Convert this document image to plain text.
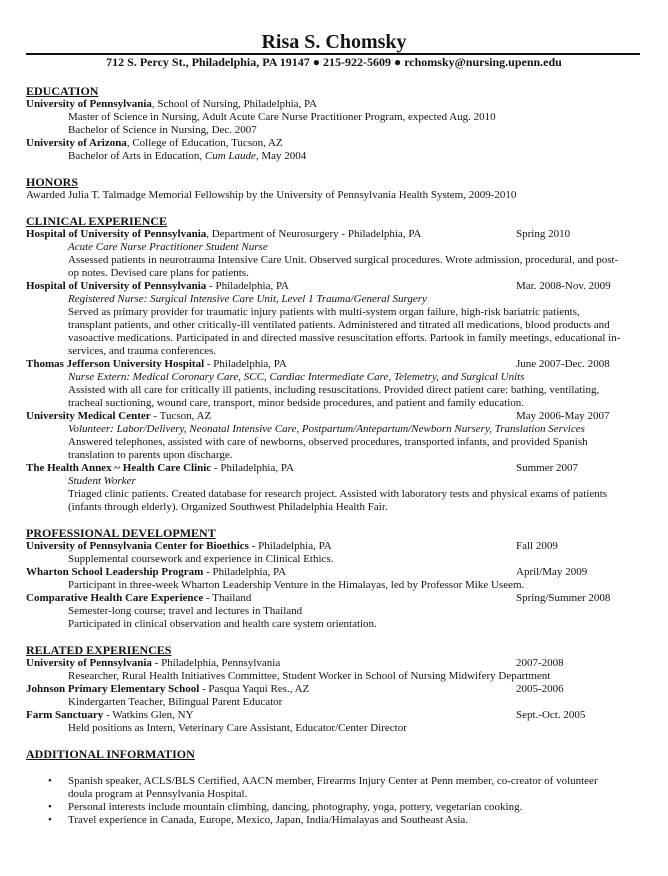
Risa S. Chomsky
712 S. Percy St., Philadelphia, PA 19147 ● 215-922-5609 ● rchomsky@nursing.upenn.edu
EDUCATION
University of Pennsylvania, School of Nursing, Philadelphia, PA
Master of Science in Nursing, Adult Acute Care Nurse Practitioner Program, expected Aug. 2010
Bachelor of Science in Nursing, Dec. 2007
University of Arizona, College of Education, Tucson, AZ
Bachelor of Arts in Education, Cum Laude, May 2004
HONORS
Awarded Julia T. Talmadge Memorial Fellowship by the University of Pennsylvania Health System, 2009-2010
CLINICAL EXPERIENCE
Hospital of University of Pennsylvania, Department of Neurosurgery - Philadelphia, PA	Spring 2010
Acute Care Nurse Practitioner Student Nurse
Assessed patients in neurotrauma Intensive Care Unit. Observed surgical procedures. Wrote admission, procedural, and post-
op notes. Devised care plans for patients.
Hospital of University of Pennsylvania - Philadelphia, PA	Mar. 2008-Nov. 2009
Registered Nurse: Surgical Intensive Care Unit, Level 1 Trauma/General Surgery
Served as primary provider for traumatic injury patients with multi-system organ failure, high-risk bariatric patients,
transplant patients, and other critically-ill ventilated patients. Administered and titrated all medications, blood products and
vasoactive medications. Participated in and directed massive resuscitation efforts. Partook in family meetings, educational in-
services, and trauma conferences.
Thomas Jefferson University Hospital - Philadelphia, PA	June 2007-Dec. 2008
Nurse Extern: Medical Coronary Care, SCC, Cardiac Intermediate Care, Telemetry, and Surgical Units
Assisted with all care for critically ill patients, including resuscitations. Provided direct patient care: bathing, ventilating,
tracheal suctioning, wound care, transport, minor bedside procedures, and patient and family education.
University Medical Center - Tucson, AZ	May 2006-May 2007
Volunteer: Labor/Delivery, Neonatal Intensive Care, Postpartum/Antepartum/Newborn Nursery, Translation Services
Answered telephones, assisted with care of newborns, observed procedures, transported infants, and provided Spanish
translation to parents upon discharge.
The Health Annex ~ Health Care Clinic - Philadelphia, PA	Summer 2007
Student Worker
Triaged clinic patients. Created database for research project. Assisted with laboratory tests and physical exams of patients
(infants through elderly). Organized Southwest Philadelphia Health Fair.
PROFESSIONAL DEVELOPMENT
University of Pennsylvania Center for Bioethics - Philadelphia, PA	Fall 2009
Supplemental coursework and experience in Clinical Ethics.
Wharton School Leadership Program - Philadelphia, PA	April/May 2009
Participant in three-week Wharton Leadership Venture in the Himalayas, led by Professor Mike Useem.
Comparative Health Care Experience - Thailand	Spring/Summer 2008
Semester-long course; travel and lectures in Thailand
Participated in clinical observation and health care system orientation.
RELATED EXPERIENCES
University of Pennsylvania - Philadelphia, Pennsylvania	2007-2008
Researcher, Rural Health Initiatives Committee, Student Worker in School of Nursing Midwifery Department
Johnson Primary Elementary School - Pasqua Yaqui Res., AZ	2005-2006
Kindergarten Teacher, Bilingual Parent Educator
Farm Sanctuary - Watkins Glen, NY	Sept.-Oct. 2005
Held positions as Intern, Veterinary Care Assistant, Educator/Center Director
ADDITIONAL INFORMATION
• Spanish speaker, ACLS/BLS Certified, AACN member, Firearms Injury Center at Penn member, co-creator of volunteer
doula program at Pennsylvania Hospital.
• Personal interests include mountain climbing, dancing, photography, yoga, pottery, vegetarian cooking.
• Travel experience in Canada, Europe, Mexico, Japan, India/Himalayas and Southeast Asia.
